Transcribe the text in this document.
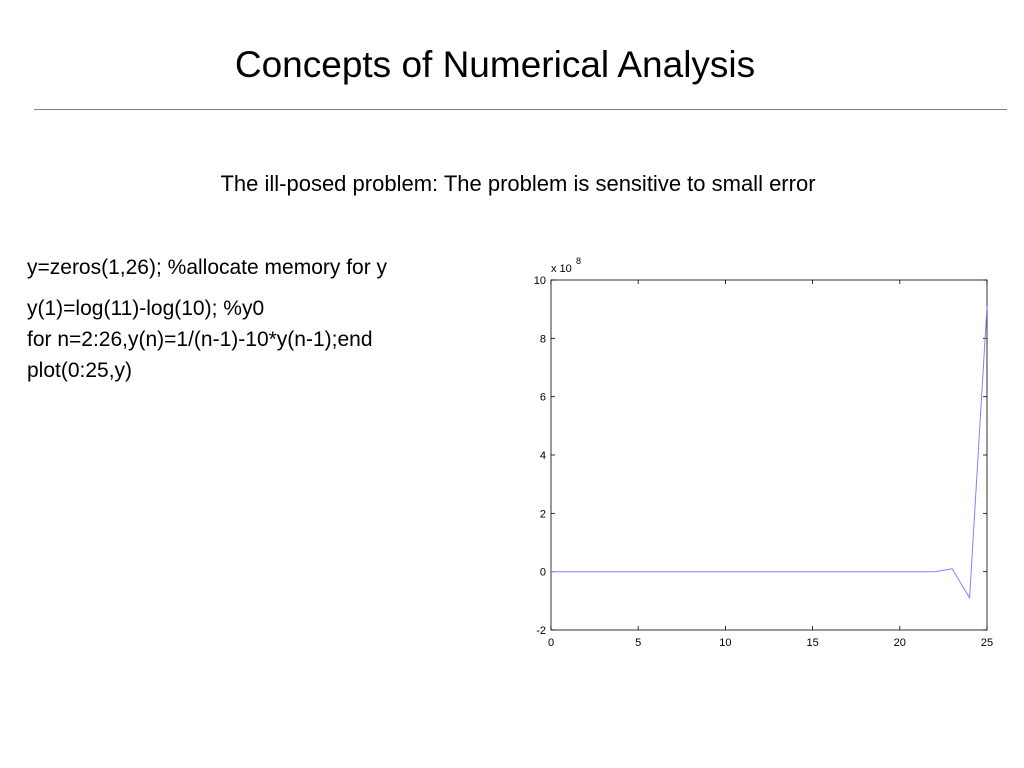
Concepts of Numerical Analysis
The ill-posed problem: The problem is sensitive to small error
y=zeros(1,26); %allocate memory for y
y(1)=log(11)-log(10); %y0
for n=2:26,y(n)=1/(n-1)-10*y(n-1);end
plot(0:25,y)
0	5	10	15	20	25
-2
0
2
4
6
8
10
x 10
8
